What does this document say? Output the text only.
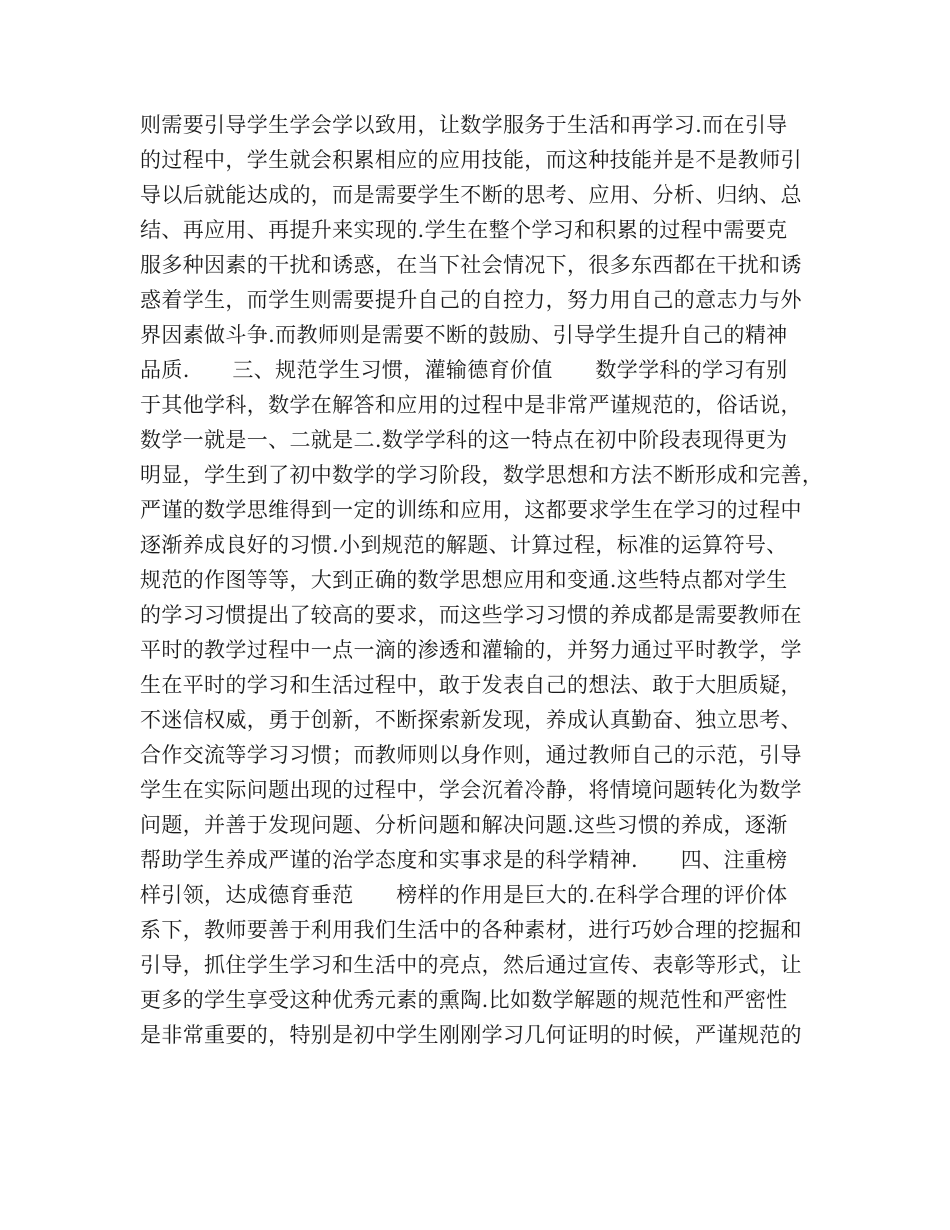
则需要引导学生学会学以致用，让数学服务于生活和再学习.而在引导
的过程中，学生就会积累相应的应用技能，而这种技能并是不是教师引
导以后就能达成的，而是需要学生不断的思考、应用、分析、归纳、总
结、再应用、再提升来实现的.学生在整个学习和积累的过程中需要克
服多种因素的干扰和诱惑，在当下社会情况下，很多东西都在干扰和诱
惑着学生，而学生则需要提升自己的自控力，努力用自己的意志力与外
界因素做斗争.而教师则是需要不断的鼓励、引导学生提升自己的精神
品质.　　三、规范学生习惯，灌输德育价值　　数学学科的学习有别
于其他学科，数学在解答和应用的过程中是非常严谨规范的，俗话说，
数学一就是一、二就是二.数学学科的这一特点在初中阶段表现得更为
明显，学生到了初中数学的学习阶段，数学思想和方法不断形成和完善，
严谨的数学思维得到一定的训练和应用，这都要求学生在学习的过程中
逐渐养成良好的习惯.小到规范的解题、计算过程，标准的运算符号、
规范的作图等等，大到正确的数学思想应用和变通.这些特点都对学生
的学习习惯提出了较高的要求，而这些学习习惯的养成都是需要教师在
平时的教学过程中一点一滴的渗透和灌输的，并努力通过平时教学，学
生在平时的学习和生活过程中，敢于发表自己的想法、敢于大胆质疑，
不迷信权威，勇于创新，不断探索新发现，养成认真勤奋、独立思考、
合作交流等学习习惯；而教师则以身作则，通过教师自己的示范，引导
学生在实际问题出现的过程中，学会沉着冷静，将情境问题转化为数学
问题，并善于发现问题、分析问题和解决问题.这些习惯的养成，逐渐
帮助学生养成严谨的治学态度和实事求是的科学精神.　　四、注重榜
样引领，达成德育垂范　　榜样的作用是巨大的.在科学合理的评价体
系下，教师要善于利用我们生活中的各种素材，进行巧妙合理的挖掘和
引导，抓住学生学习和生活中的亮点，然后通过宣传、表彰等形式，让
更多的学生享受这种优秀元素的熏陶.比如数学解题的规范性和严密性
是非常重要的，特别是初中学生刚刚学习几何证明的时候，严谨规范的
